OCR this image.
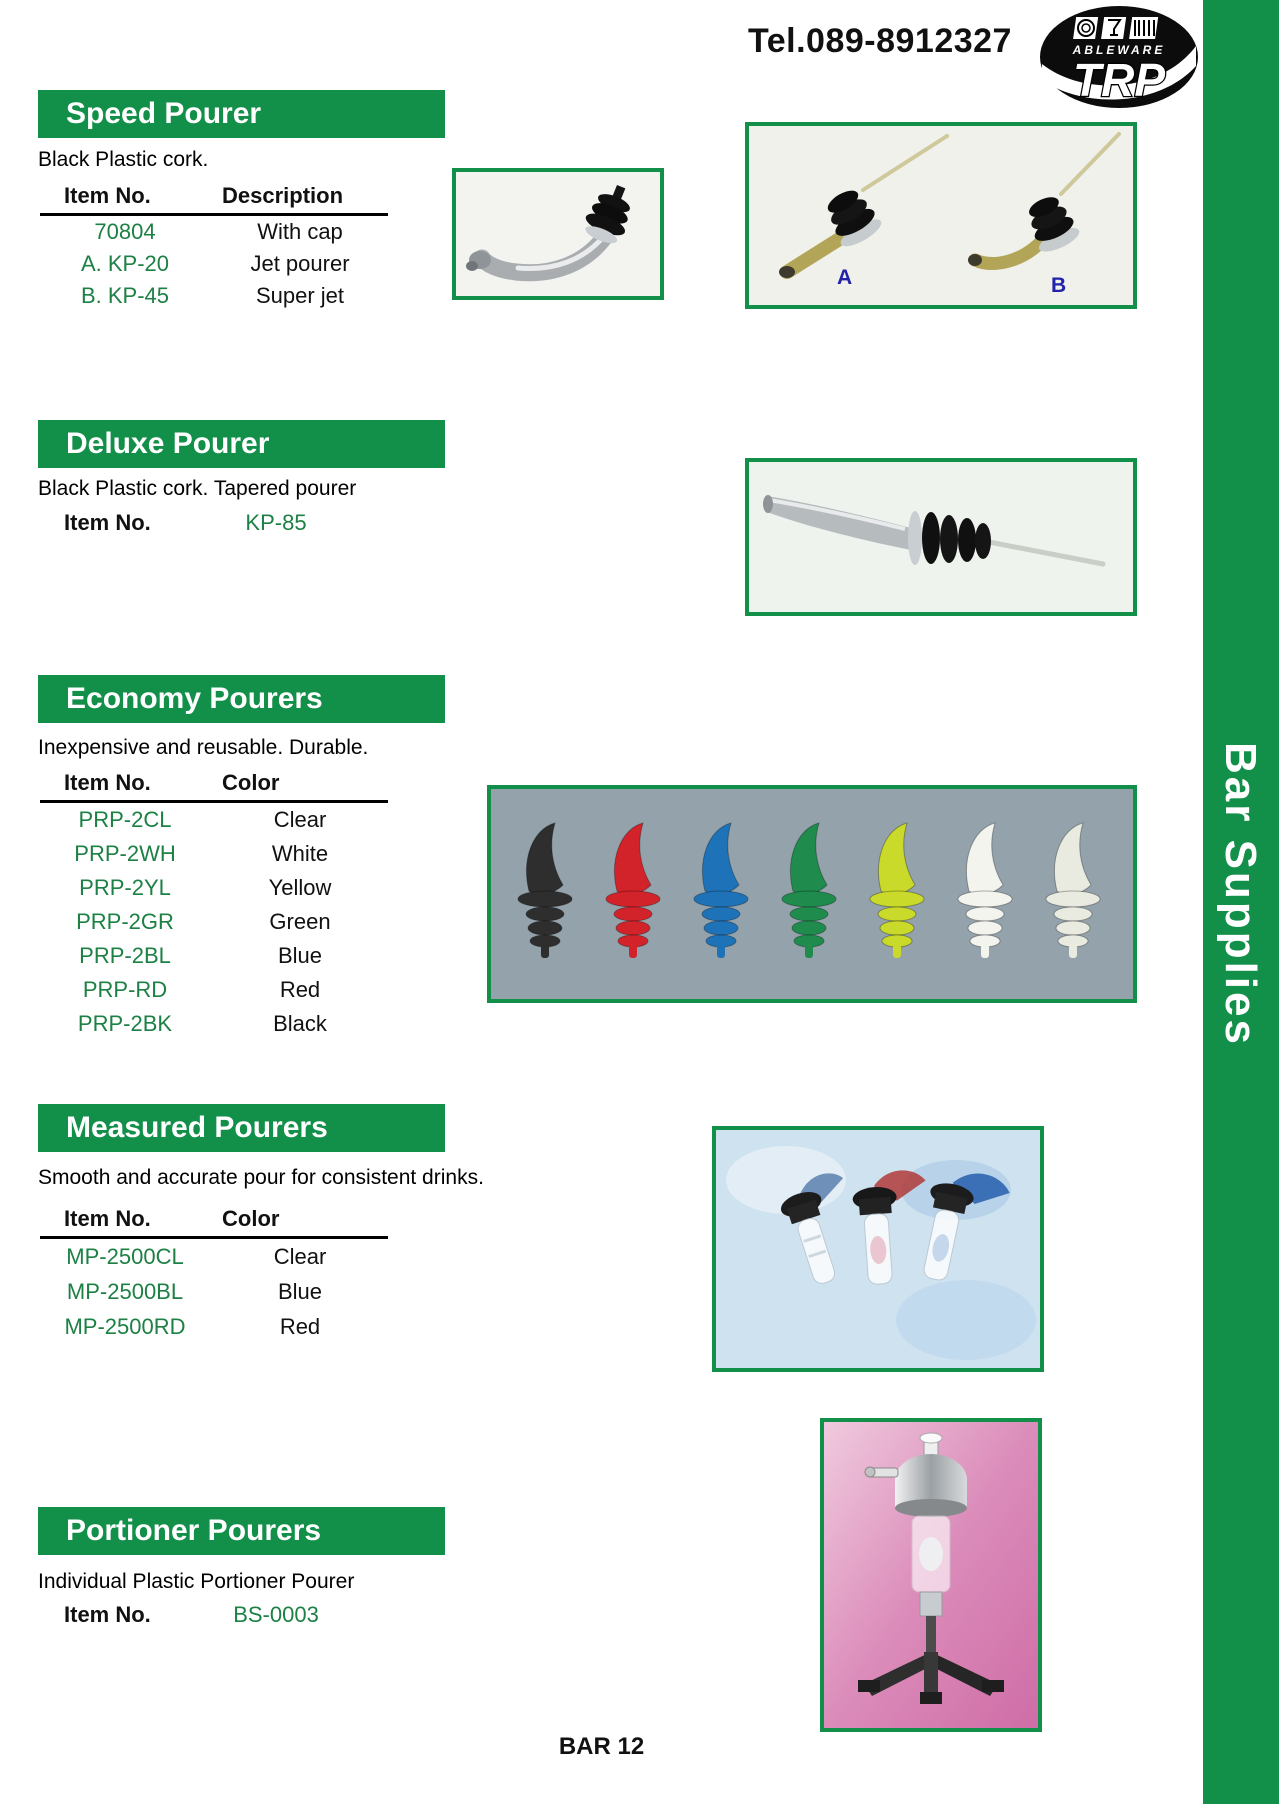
Bar Supplies
Tel.089-8912327	ABLEWARE
TRP
Speed Pourer
Black Plastic cork.
Item No.	Description
70804	With cap
A. KP-20	Jet pourer
B. KP-45	Super jet
A	B
Deluxe Pourer
Black Plastic cork. Tapered pourer
Item No.	KP-85
Economy Pourers
Inexpensive and reusable. Durable.
Item No.	Color
PRP-2CL	Clear
PRP-2WH	White
PRP-2YL	Yellow
PRP-2GR	Green
PRP-2BL	Blue
PRP-RD	Red
PRP-2BK	Black
Measured Pourers
Smooth and accurate pour for consistent drinks.
Item No.	Color
MP-2500CL	Clear
MP-2500BL	Blue
MP-2500RD	Red
Portioner Pourers
Individual Plastic Portioner Pourer
Item No.	BS-0003
BAR 12
